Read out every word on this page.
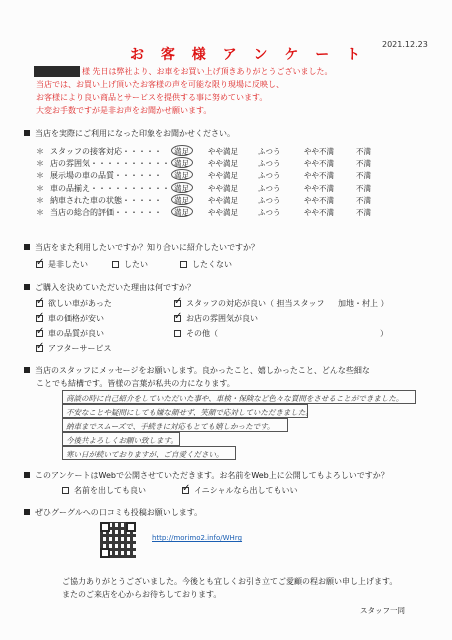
2021.12.23
お 客 様 ア ン ケ ー ト
様 先日は弊社より、お車をお買い上げ頂きありがとうございました。
当店では、お買い上げ頂いたお客様の声を可能な限り現場に反映し、
お客様により良い商品とサービスを提供する事に努めています。
大変お手数ですが是非お声をお聞かせ願います。
当店を実際にご利用になった印象をお聞かせください。
＊ スタッフの接客対応・・・・・ 満足	やや満足	ふつう	やや不満	不満
＊ 店の雰囲気・・・・・・・・・・ 満足	やや満足	ふつう	やや不満	不満
＊ 展示場の車の品質・・・・・・ 満足	やや満足	ふつう	やや不満	不満
＊ 車の品揃え・・・・・・・・・・ 満足	やや満足	ふつう	やや不満	不満
＊ 納車された車の状態・・・・・ 満足	やや満足	ふつう	やや不満	不満
＊ 当店の総合的評価・・・・・・ 満足	やや満足	ふつう	やや不満	不満
当店をまた利用したいですか？知り合いに紹介したいですか？
✓是非したい	したい	したくない
ご購入を決めていただいた理由は何ですか？
✓欲しい車があった
✓車の価格が安い
✓車の品質が良い
✓アフターサービス
✓スタッフの対応が良い（ 担当スタッフ 加地・村上 ）
✓お店の雰囲気が良い
その他（	）
当店のスタッフにメッセージをお願いします。良かったこと、嬉しかったこと、どんな些細な
ことでも結構です。皆様の言葉が私共の力になります。
商談の時に自己紹介をしていただいた事や、車検・保険など色々な質問をさせることができました。
不安なことや疑問にしても嫌な顔せず、笑顔で応対していただきました。
納車までスムーズで、手続きに対応もとても嬉しかったです。
今後共よろしくお願い致します。
寒い日が続いておりますが、ご自愛ください。
このアンケートはWebで公開させていただきます。お名前をWeb上に公開してもよろしいですか？
名前を出しても良い
✓	イニシャルなら出してもいい
ぜひグーグルへの口コミも投稿お願いします。
http://morimo2.info/WHrg
ご協力ありがとうございました。今後とも宜しくお引き立てご愛顧の程お願い申し上げます。
またのご来店を心からお待ちしております。
スタッフ一同
